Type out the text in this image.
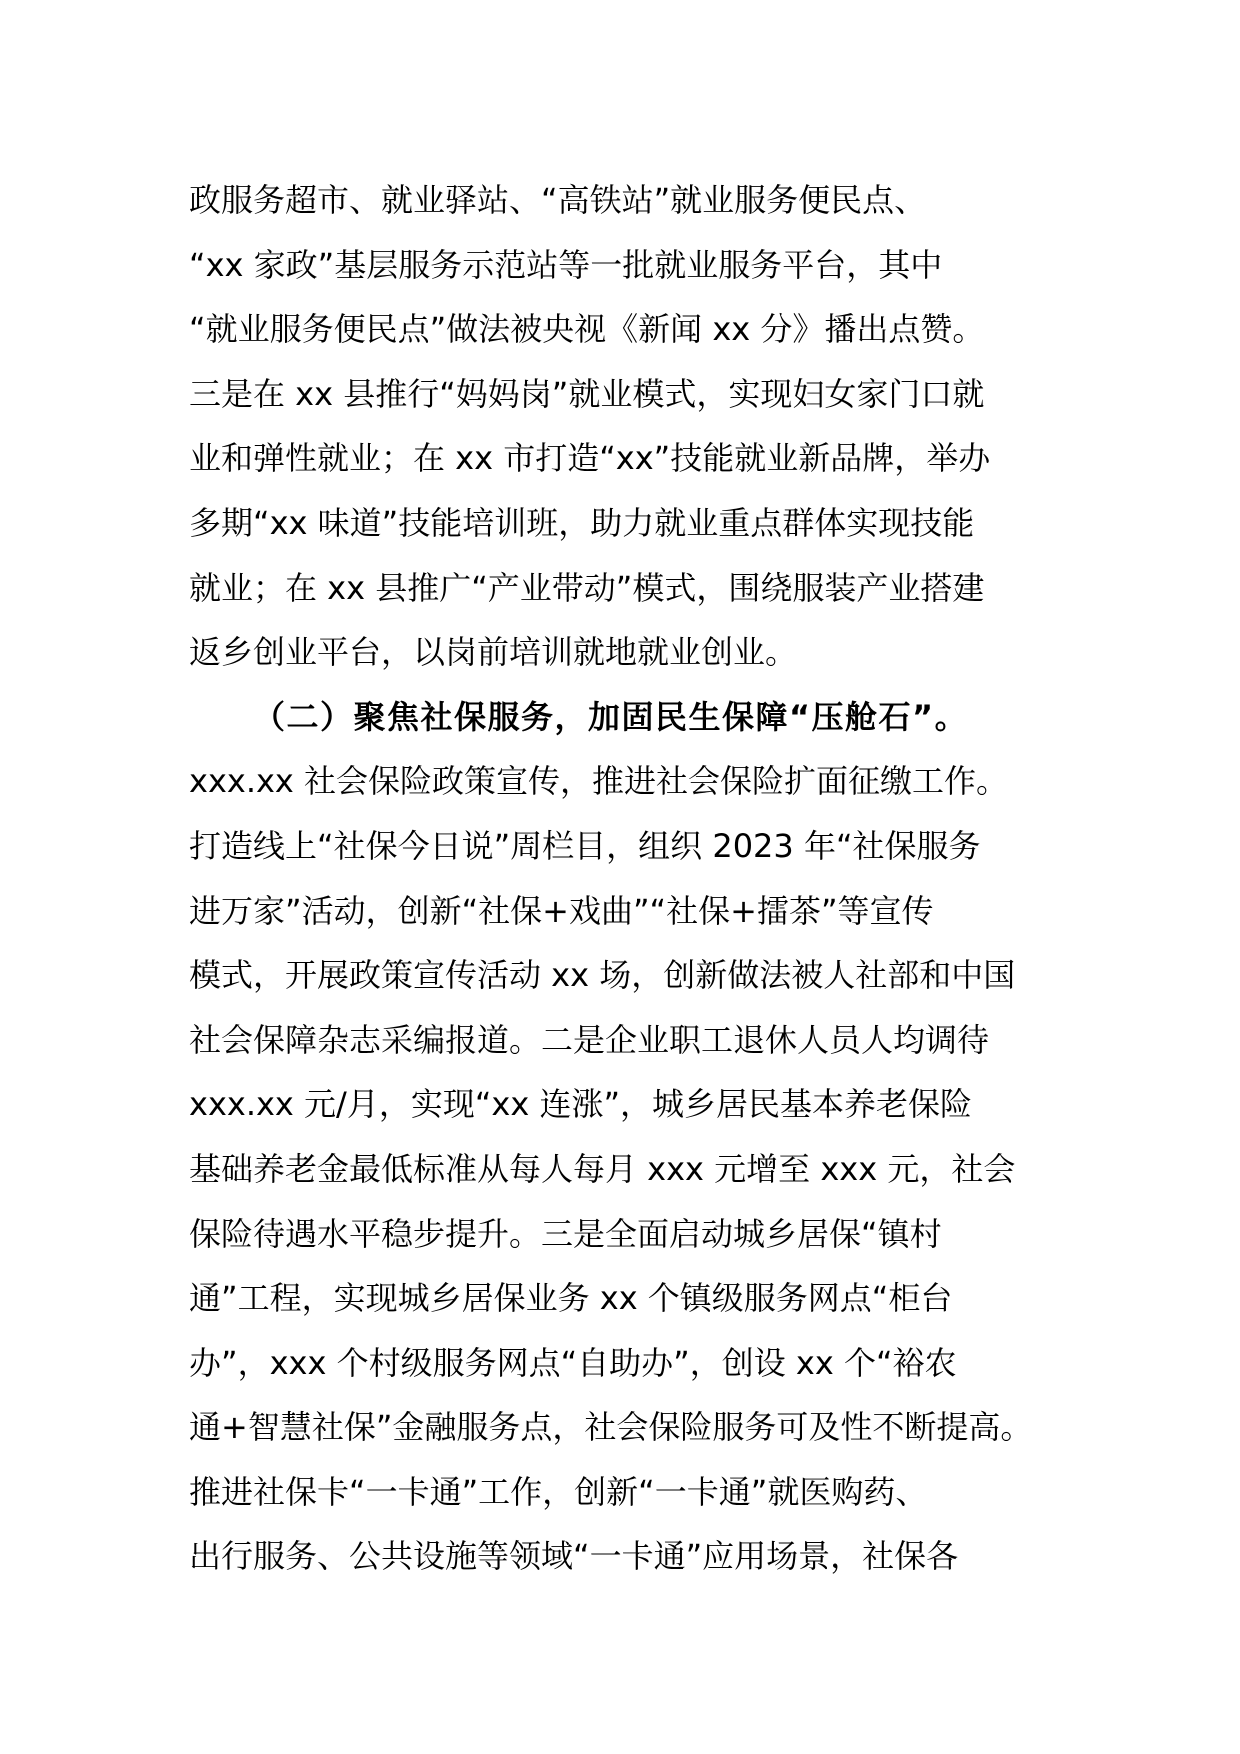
政服务超市、就业驿站、“高铁站”就业服务便民点、
“xx 家政”基层服务示范站等一批就业服务平台，其中
“就业服务便民点”做法被央视《新闻 xx 分》播出点赞。
三是在 xx 县推行“妈妈岗”就业模式，实现妇女家门口就
业和弹性就业；在 xx 市打造“xx”技能就业新品牌，举办
多期“xx 味道”技能培训班，助力就业重点群体实现技能
就业；在 xx 县推广“产业带动”模式，围绕服装产业搭建
返乡创业平台，以岗前培训就地就业创业。
（二）聚焦社保服务，加固民生保障“压舱石”。
xxx.xx 社会保险政策宣传，推进社会保险扩面征缴工作。
打造线上“社保今日说”周栏目，组织 2023 年“社保服务
进万家”活动，创新“社保+戏曲”“社保+擂茶”等宣传
模式，开展政策宣传活动 xx 场，创新做法被人社部和中国
社会保障杂志采编报道。二是企业职工退休人员人均调待
xxx.xx 元/月，实现“xx 连涨”，城乡居民基本养老保险
基础养老金最低标准从每人每月 xxx 元增至 xxx 元，社会
保险待遇水平稳步提升。三是全面启动城乡居保“镇村
通”工程，实现城乡居保业务 xx 个镇级服务网点“柜台
办”，xxx 个村级服务网点“自助办”，创设 xx 个“裕农
通+智慧社保”金融服务点，社会保险服务可及性不断提高。
推进社保卡“一卡通”工作，创新“一卡通”就医购药、
出行服务、公共设施等领域“一卡通”应用场景，社保各
